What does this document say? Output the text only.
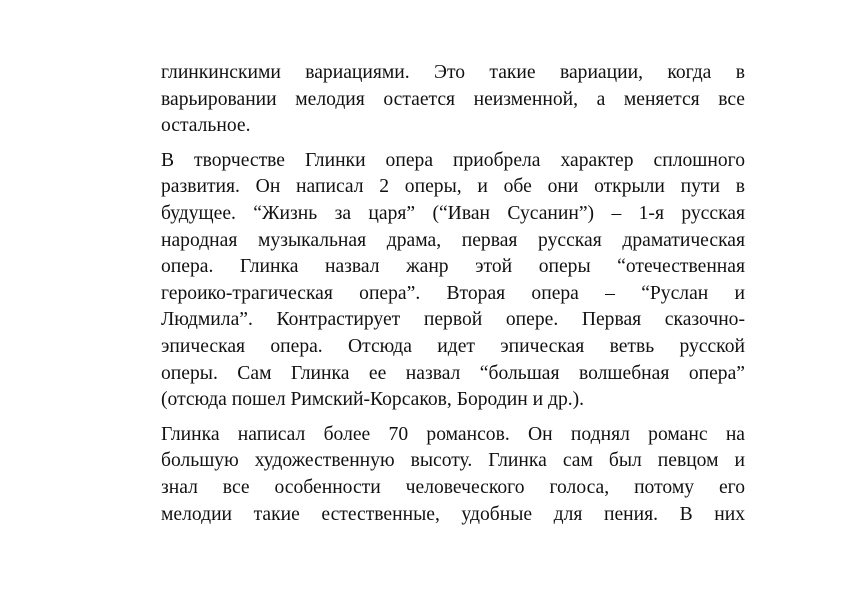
глинкинскими вариациями. Это такие вариации, когда в
варьировании мелодия остается неизменной, а меняется все
остальное.

В творчестве Глинки опера приобрела характер сплошного
развития. Он написал 2 оперы, и обе они открыли пути в
будущее. “Жизнь за царя” (“Иван Сусанин”) – 1-я русская
народная музыкальная драма, первая русская драматическая
опера. Глинка назвал жанр этой оперы “отечественная
героико-трагическая опера”. Вторая опера – “Руслан и
Людмила”. Контрастирует первой опере. Первая сказочно-
эпическая опера. Отсюда идет эпическая ветвь русской
оперы. Сам Глинка ее назвал “большая волшебная опера”
(отсюда пошел Римский-Корсаков, Бородин и др.).

Глинка написал более 70 романсов. Он поднял романс на
большую художественную высоту. Глинка сам был певцом и
знал все особенности человеческого голоса, потому его
мелодии такие естественные, удобные для пения. В них
